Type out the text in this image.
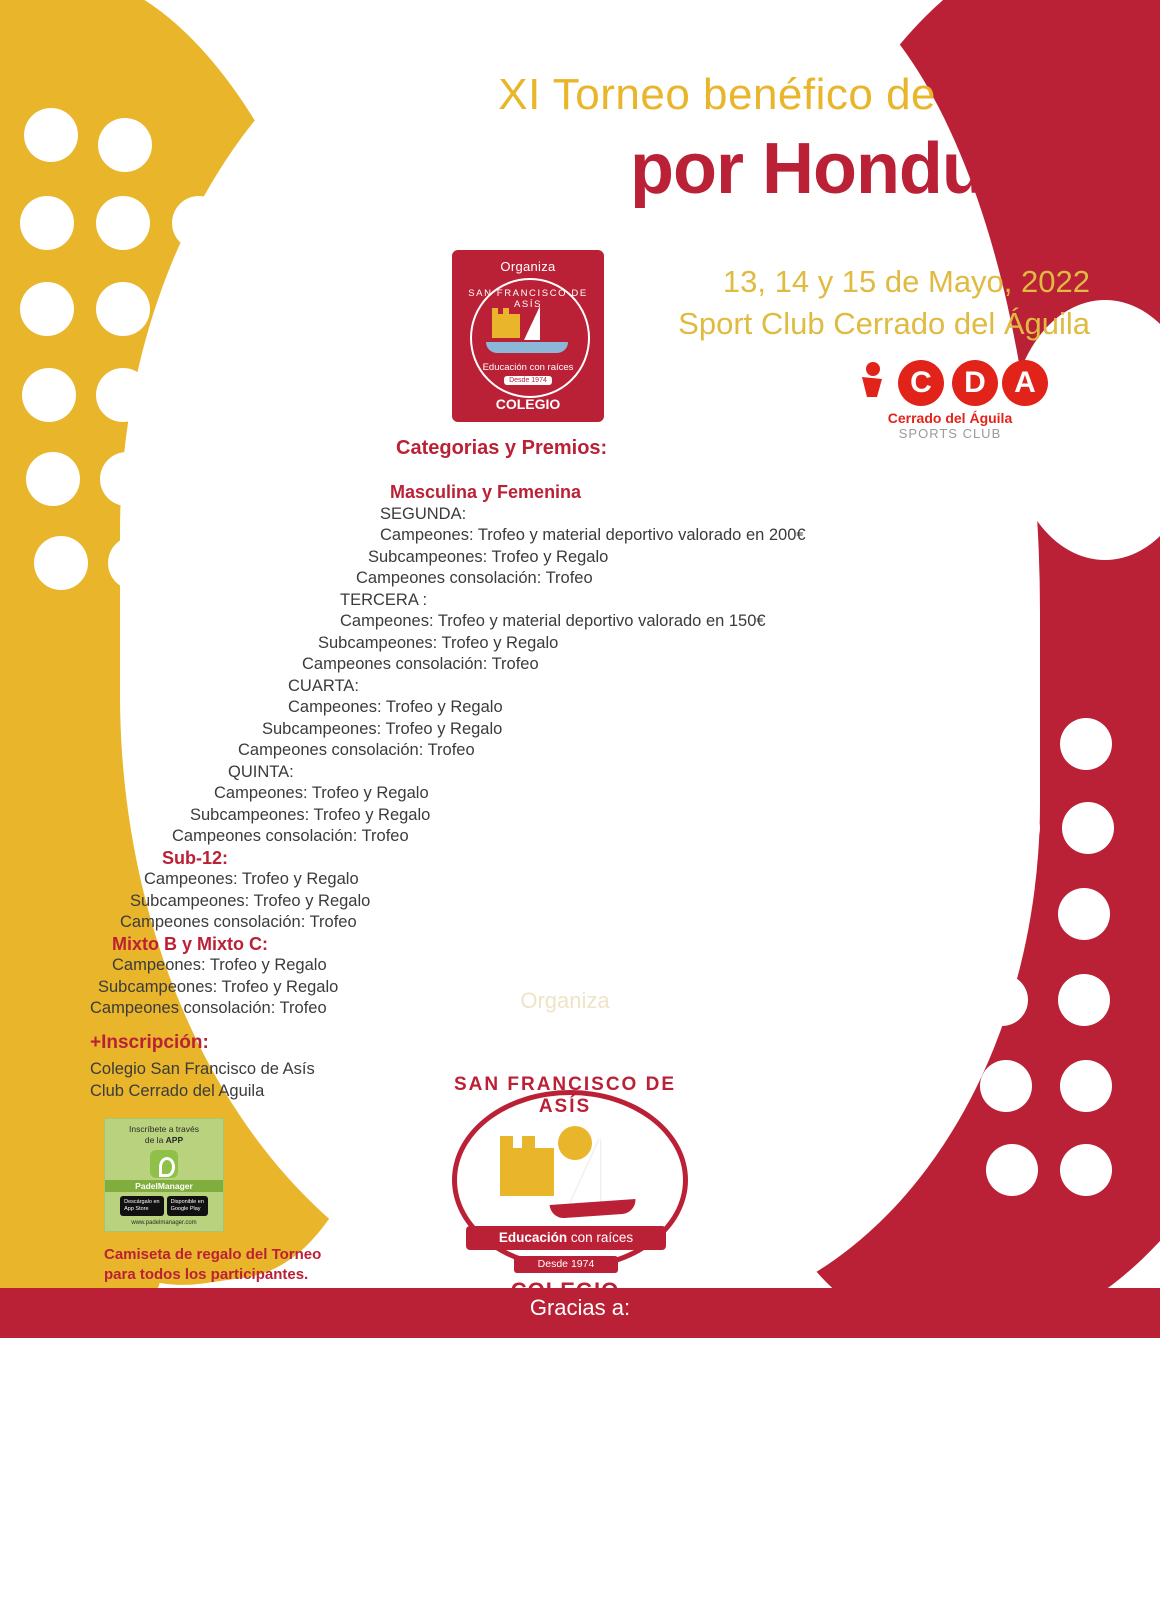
XI Torneo benéfico de Pádel
por Honduras
13, 14 y 15 de Mayo, 2022
Sport Club Cerrado del Águila
Organiza
SAN FRANCISCO DE ASÍS
Educación con raíces
Desde 1974
COLEGIO
C	D A
Cerrado del Águila
SPORTS CLUB
Categorias y Premios:
Masculina y Femenina
SEGUNDA:
Campeones: Trofeo y material deportivo valorado en 200€
Subcampeones: Trofeo y Regalo
Campeones consolación: Trofeo
TERCERA :
Campeones: Trofeo y material deportivo valorado en 150€
Subcampeones: Trofeo y Regalo
Campeones consolación: Trofeo
CUARTA:
Campeones: Trofeo y Regalo
Subcampeones: Trofeo y Regalo
Campeones consolación: Trofeo
QUINTA:
Campeones: Trofeo y Regalo
Subcampeones: Trofeo y Regalo
Campeones consolación: Trofeo
Sub-12:
Campeones: Trofeo y Regalo
Subcampeones: Trofeo y Regalo
Campeones consolación: Trofeo
Mixto B y Mixto C:
Campeones: Trofeo y Regalo
Subcampeones: Trofeo y Regalo
Campeones consolación: Trofeo
+Inscripción:
Colegio San Francisco de Asís
Club Cerrado del Aguila
Inscríbete a través
de la APP
PadelManager
Descárgalo en
App Store
Disponible en
Google Play
www.padelmanager.com
Camiseta de regalo del Torneo
para todos los participantes.
Organiza
SAN FRANCISCO DE ASÍS
Educación con raíces
Desde 1974
Gracias a:
